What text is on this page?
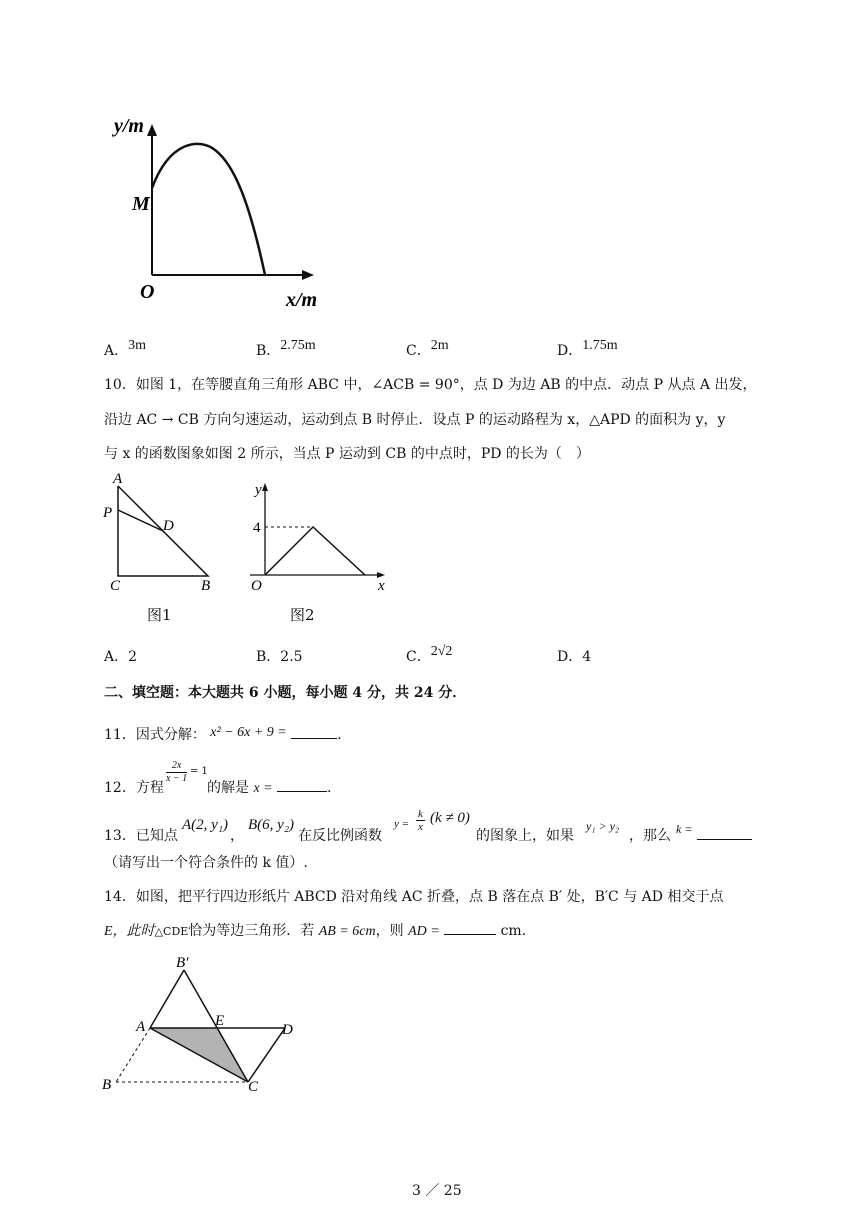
y/m
x/m
M
O
A．3m	B．2.75m	C．2m	D．1.75m
10．如图 1，在等腰直角三角形 ABC 中，∠ACB = 90°，点 D 为边 AB 的中点．动点 P 从点 A 出发，
沿边 AC → CB 方向匀速运动，运动到点 B 时停止．设点 P 的运动路程为 x，△APD 的面积为 y，y
与 x 的函数图象如图 2 所示，当点 P 运动到 CB 的中点时，PD 的长为（　）
A
P
D
C	B
图1
y
4
O	x
图2
A．2	B．2.5	C．2√2	D．4
二、填空题：本大题共 6 小题，每小题 4 分，共 24 分．
11．因式分解： x² − 6x + 9 =	．
12．方程
$\frac{2x}{x - 1} = 1$
的解是 x =	．
13．已知点
A(2, y₁)
，
B(6, y₂)
在反比例函数
$y = \frac{k}{x} (k \ne 0)$
的图象上，如果
y₁ > y₂
，那么 k =
（请写出一个符合条件的 k 值）.
14．如图，把平行四边形纸片 ABCD 沿对角线 AC 折叠，点 B 落在点 B′ 处，B′C 与 AD 相交于点
E，此时△CDE恰为等边三角形．若 AB = 6cm，则 AD =	cm．
B′
A	E
D
B	C
3 ／ 25
